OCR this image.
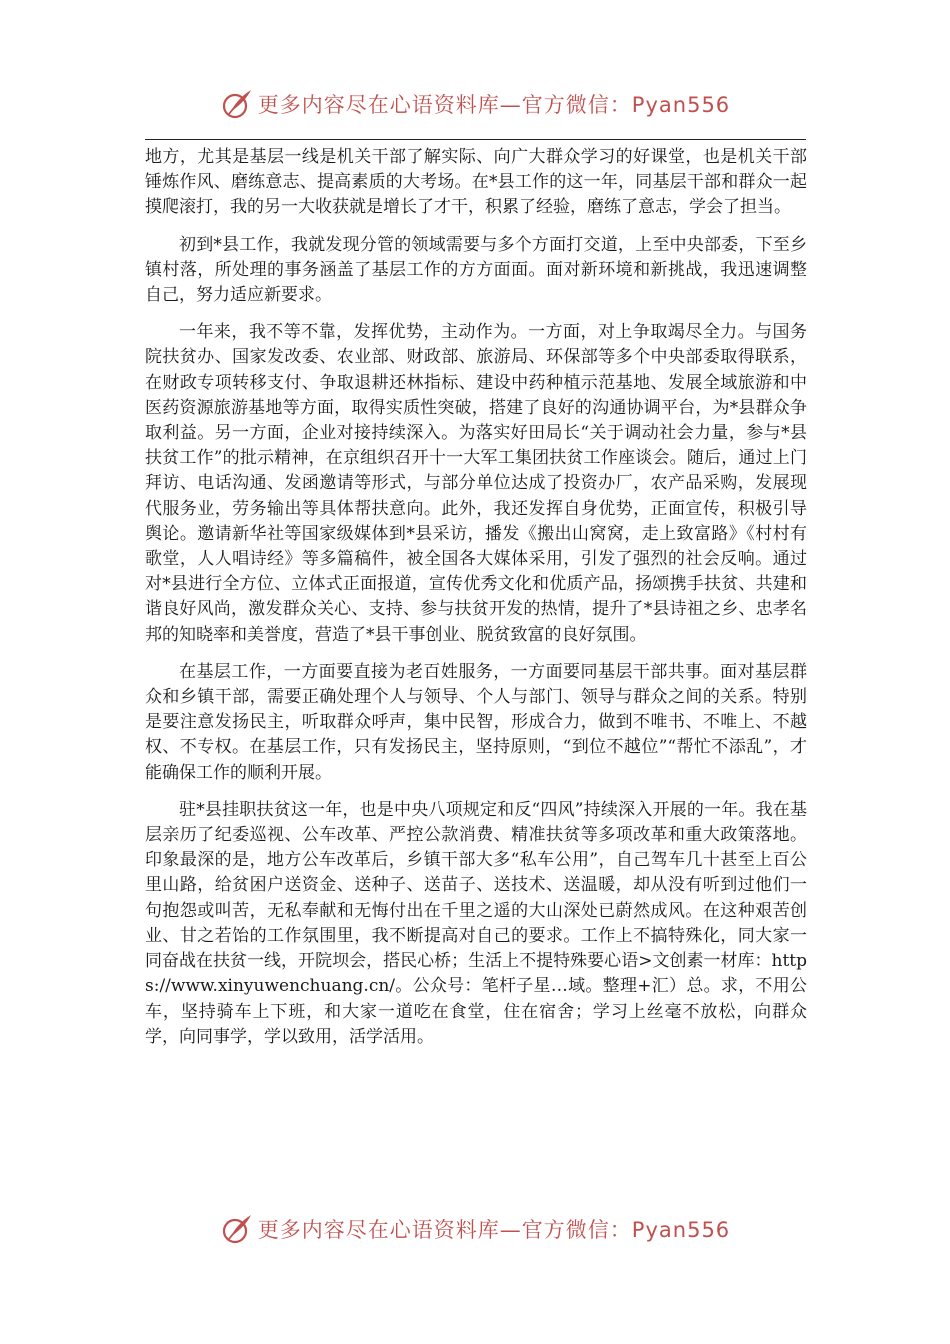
更多内容尽在心语资料库—官方微信：Pyan556

地方，尤其是基层一线是机关干部了解实际、向广大群众学习的好课堂，也是机关干部锤炼作风、磨练意志、提高素质的大考场。在*县工作的这一年，同基层干部和群众一起摸爬滚打，我的另一大收获就是增长了才干，积累了经验，磨练了意志，学会了担当。

初到*县工作，我就发现分管的领域需要与多个方面打交道，上至中央部委，下至乡镇村落，所处理的事务涵盖了基层工作的方方面面。面对新环境和新挑战，我迅速调整自己，努力适应新要求。

一年来，我不等不靠，发挥优势，主动作为。一方面，对上争取竭尽全力。与国务院扶贫办、国家发改委、农业部、财政部、旅游局、环保部等多个中央部委取得联系，在财政专项转移支付、争取退耕还林指标、建设中药种植示范基地、发展全域旅游和中医药资源旅游基地等方面，取得实质性突破，搭建了良好的沟通协调平台，为*县群众争取利益。另一方面，企业对接持续深入。为落实好田局长“关于调动社会力量，参与*县扶贫工作”的批示精神，在京组织召开十一大军工集团扶贫工作座谈会。随后，通过上门拜访、电话沟通、发函邀请等形式，与部分单位达成了投资办厂，农产品采购，发展现代服务业，劳务输出等具体帮扶意向。此外，我还发挥自身优势，正面宣传，积极引导舆论。邀请新华社等国家级媒体到*县采访，播发《搬出山窝窝，走上致富路》《村村有歌堂，人人唱诗经》等多篇稿件，被全国各大媒体采用，引发了强烈的社会反响。通过对*县进行全方位、立体式正面报道，宣传优秀文化和优质产品，扬颂携手扶贫、共建和谐良好风尚，激发群众关心、支持、参与扶贫开发的热情，提升了*县诗祖之乡、忠孝名邦的知晓率和美誉度，营造了*县干事创业、脱贫致富的良好氛围。

在基层工作，一方面要直接为老百姓服务，一方面要同基层干部共事。面对基层群众和乡镇干部，需要正确处理个人与领导、个人与部门、领导与群众之间的关系。特别是要注意发扬民主，听取群众呼声，集中民智，形成合力，做到不唯书、不唯上、不越权、不专权。在基层工作，只有发扬民主，坚持原则，“到位不越位”“帮忙不添乱”，才能确保工作的顺利开展。

驻*县挂职扶贫这一年，也是中央八项规定和反“四风”持续深入开展的一年。我在基层亲历了纪委巡视、公车改革、严控公款消费、精准扶贫等多项改革和重大政策落地。印象最深的是，地方公车改革后，乡镇干部大多“私车公用”，自己驾车几十甚至上百公里山路，给贫困户送资金、送种子、送苗子、送技术、送温暖，却从没有听到过他们一句抱怨或叫苦，无私奉献和无悔付出在千里之遥的大山深处已蔚然成风。在这种艰苦创业、甘之若饴的工作氛围里，我不断提高对自己的要求。工作上不搞特殊化，同大家一同奋战在扶贫一线，开院坝会，搭民心桥；生活上不提特殊要心语>文创素一材库：https://www.xinyuwenchuang.cn/。公众号：笔杆子星…域。整理+汇）总。求，不用公车，坚持骑车上下班，和大家一道吃在食堂，住在宿舍；学习上丝毫不放松，向群众学，向同事学，学以致用，活学活用。

更多内容尽在心语资料库—官方微信：Pyan556
